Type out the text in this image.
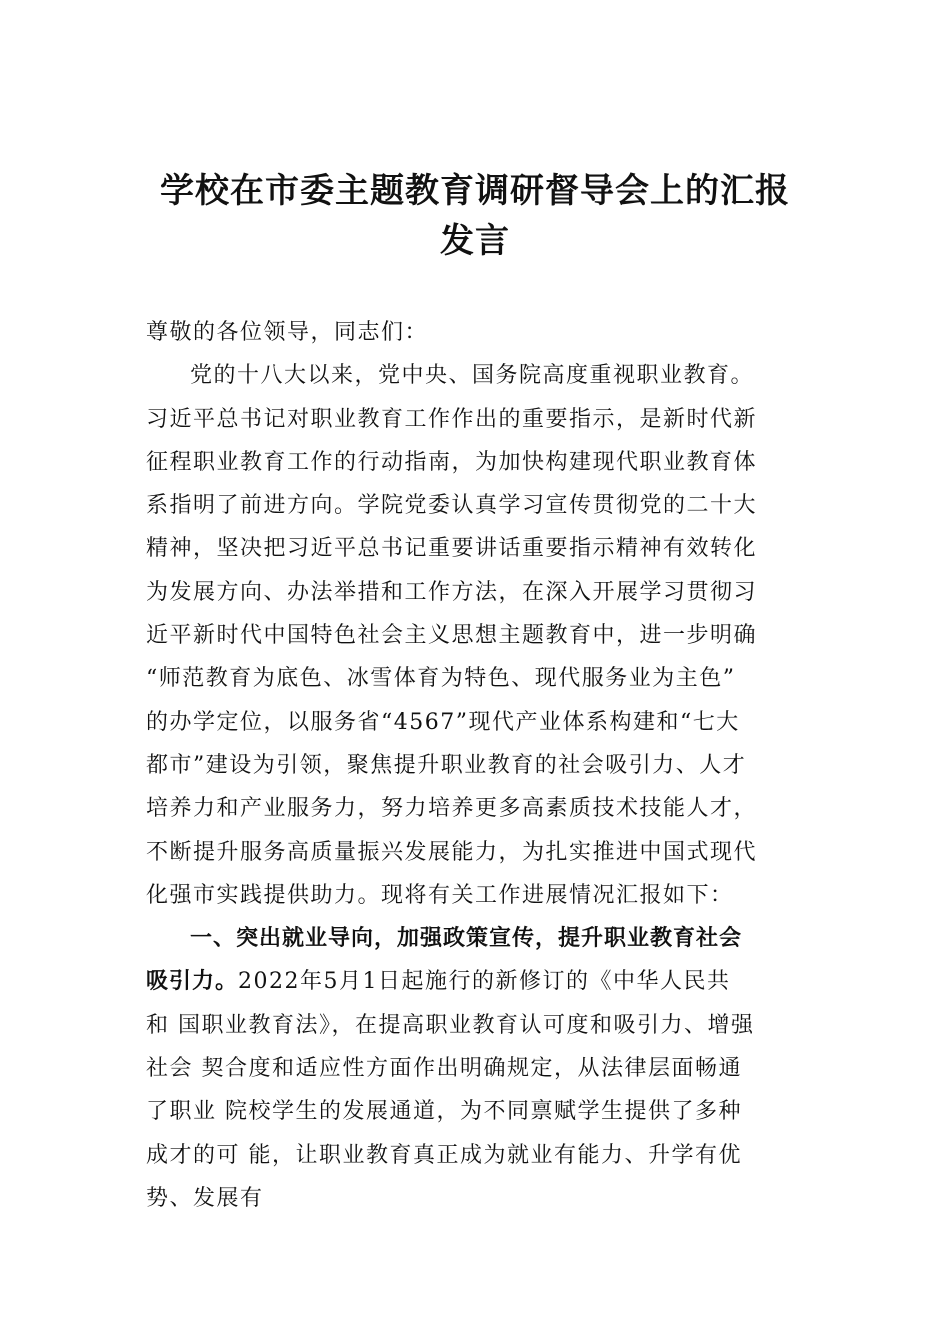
学校在市委主题教育调研督导会上的汇报
发言
尊敬的各位领导，同志们：
党的十八大以来，党中央、国务院高度重视职业教育。
习近平总书记对职业教育工作作出的重要指示，是新时代新
征程职业教育工作的行动指南，为加快构建现代职业教育体
系指明了前进方向。学院党委认真学习宣传贯彻党的二十大
精神，坚决把习近平总书记重要讲话重要指示精神有效转化
为发展方向、办法举措和工作方法，在深入开展学习贯彻习
近平新时代中国特色社会主义思想主题教育中，进一步明确
“师范教育为底色、冰雪体育为特色、现代服务业为主色”
的办学定位，以服务省“4567”现代产业体系构建和“七大
都市”建设为引领，聚焦提升职业教育的社会吸引力、人才
培养力和产业服务力，努力培养更多高素质技术技能人才，
不断提升服务高质量振兴发展能力，为扎实推进中国式现代
化强市实践提供助力。现将有关工作进展情况汇报如下：
一、突出就业导向，加强政策宣传，提升职业教育社会
吸引力。2022年5月1日起施行的新修订的《中华人民共
和 国职业教育法》，在提高职业教育认可度和吸引力、增强
社会 契合度和适应性方面作出明确规定，从法律层面畅通
了职业 院校学生的发展通道，为不同禀赋学生提供了多种
成才的可 能，让职业教育真正成为就业有能力、升学有优
势、发展有
